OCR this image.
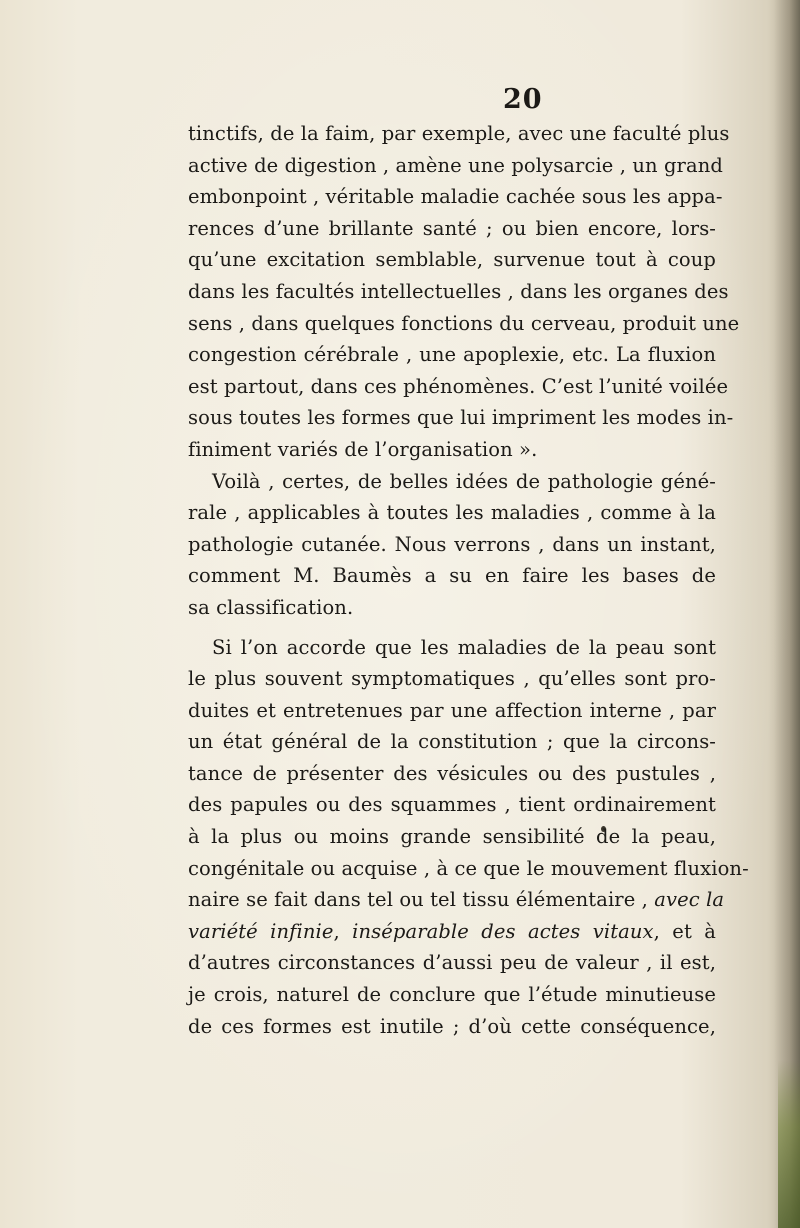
20
tinctifs, de la faim, par exemple, avec une faculté plus
active de digestion , amène une polysarcie , un grand
embonpoint , véritable maladie cachée sous les appa-
rences d’une brillante santé ; ou bien encore, lors-
qu’une excitation semblable, survenue tout à coup
dans les facultés intellectuelles , dans les organes des
sens , dans quelques fonctions du cerveau, produit une
congestion cérébrale , une apoplexie, etc. La fluxion
est partout, dans ces phénomènes. C’est l’unité voilée
sous toutes les formes que lui impriment les modes in-
finiment variés de l’organisation ».
Voilà , certes, de belles idées de pathologie géné-
rale , applicables à toutes les maladies , comme à la
pathologie cutanée. Nous verrons , dans un instant,
comment M. Baumès a su en faire les bases de
sa classification.
Si l’on accorde que les maladies de la peau sont
le plus souvent symptomatiques , qu’elles sont pro-
duites et entretenues par une affection interne , par
un état général de la constitution ; que la circons-
tance de présenter des vésicules ou des pustules ,
des papules ou des squammes , tient ordinairement
à la plus ou moins grande sensibilité de la peau,
congénitale ou acquise , à ce que le mouvement fluxion-
naire se fait dans tel ou tel tissu élémentaire , avec la
variété infinie, inséparable des actes vitaux, et à
d’autres circonstances d’aussi peu de valeur , il est,
je crois, naturel de conclure que l’étude minutieuse
de ces formes est inutile ; d’où cette conséquence,
